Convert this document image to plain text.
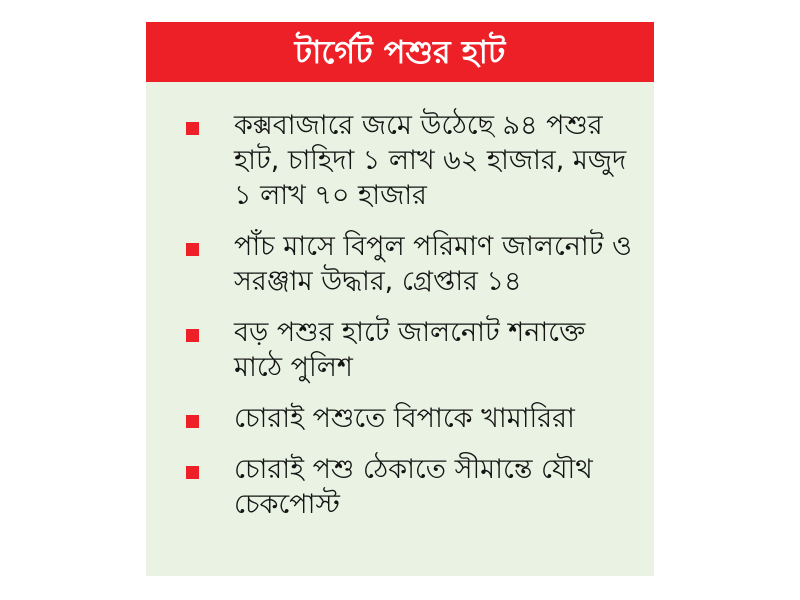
টার্গেট পশুর হাট
কক্সবাজারে জমে উঠেছে ৯৪ পশুর হাট, চাহিদা ১ লাখ ৬২ হাজার, মজুদ ১ লাখ ৭০ হাজার
পাঁচ মাসে বিপুল পরিমাণ জালনোট ও সরঞ্জাম উদ্ধার, গ্রেপ্তার ১৪
বড় পশুর হাটে জালনোট শনাক্তে মাঠে পুলিশ
চোরাই পশুতে বিপাকে খামারিরা
চোরাই পশু ঠেকাতে সীমান্তে যৌথ চেকপোস্ট
